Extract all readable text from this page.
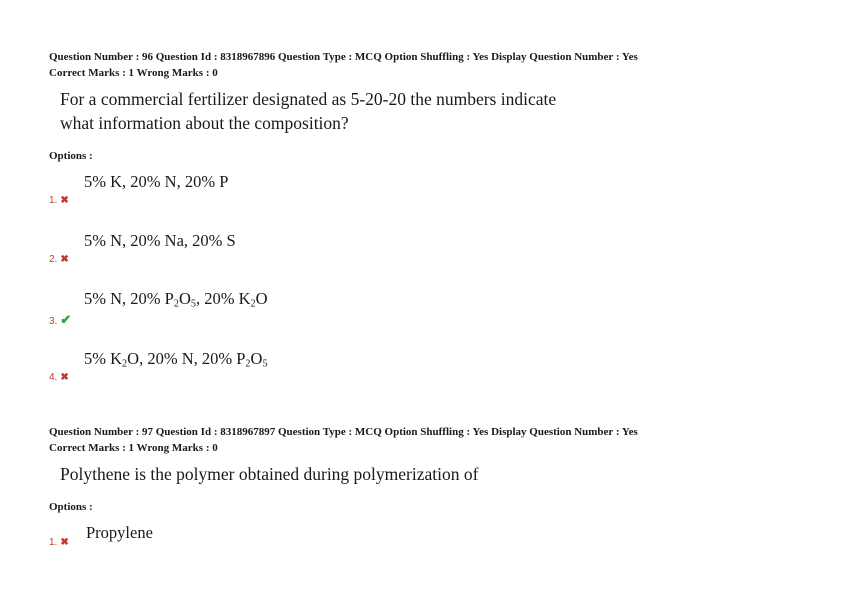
Question Number : 96 Question Id : 8318967896 Question Type : MCQ Option Shuffling : Yes Display Question Number : Yes
Correct Marks : 1 Wrong Marks : 0
For a commercial fertilizer designated as 5-20-20 the numbers indicate
what information about the composition?
Options :
5% K, 20% N, 20% P
1. ✖
5% N, 20% Na, 20% S
2. ✖
5% N, 20% $P_2O_5$, 20% $K_2O$
3. ✔
5% $K_2O$, 20% N, 20% $P_2O_5$
4. ✖
Question Number : 97 Question Id : 8318967897 Question Type : MCQ Option Shuffling : Yes Display Question Number : Yes
Correct Marks : 1 Wrong Marks : 0
Polythene is the polymer obtained during polymerization of
Options :
Propylene
1. ✖
